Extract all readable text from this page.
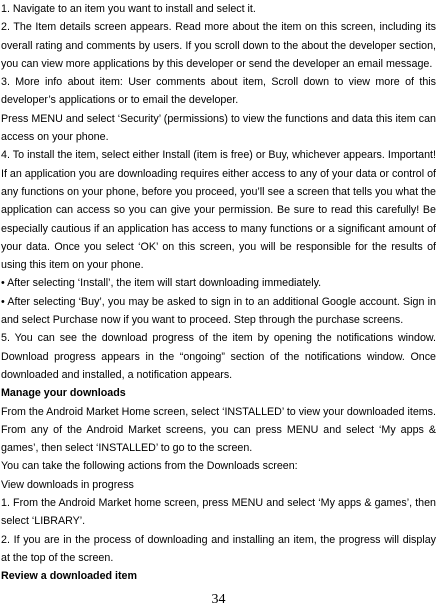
1. Navigate to an item you want to install and select it.

2. The Item details screen appears. Read more about the item on this screen, including its overall rating and comments by users. If you scroll down to the about the developer section, you can view more applications by this developer or send the developer an email message.

3. More info about item: User comments about item, Scroll down to view more of this developer’s applications or to email the developer.

Press MENU and select ‘Security’ (permissions) to view the functions and data this item can access on your phone.

4. To install the item, select either Install (item is free) or Buy, whichever appears. Important! If an application you are downloading requires either access to any of your data or control of any functions on your phone, before you proceed, you’ll see a screen that tells you what the application can access so you can give your permission. Be sure to read this carefully! Be especially cautious if an application has access to many functions or a significant amount of your data. Once you select ‘OK’ on this screen, you will be responsible for the results of using this item on your phone.

• After selecting ‘Install’, the item will start downloading immediately.

• After selecting ‘Buy’, you may be asked to sign in to an additional Google account. Sign in and select Purchase now if you want to proceed. Step through the purchase screens.

5. You can see the download progress of the item by opening the notifications window. Download progress appears in the “ongoing” section of the notifications window. Once downloaded and installed, a notification appears.

Manage your downloads

From the Android Market Home screen, select ‘INSTALLED’ to view your downloaded items. From any of the Android Market screens, you can press MENU and select ‘My apps & games’, then select ‘INSTALLED’ to go to the screen.

You can take the following actions from the Downloads screen:

View downloads in progress

1. From the Android Market home screen, press MENU and select ‘My apps & games’, then select ‘LIBRARY’.

2. If you are in the process of downloading and installing an item, the progress will display at the top of the screen.

Review a downloaded item

34
